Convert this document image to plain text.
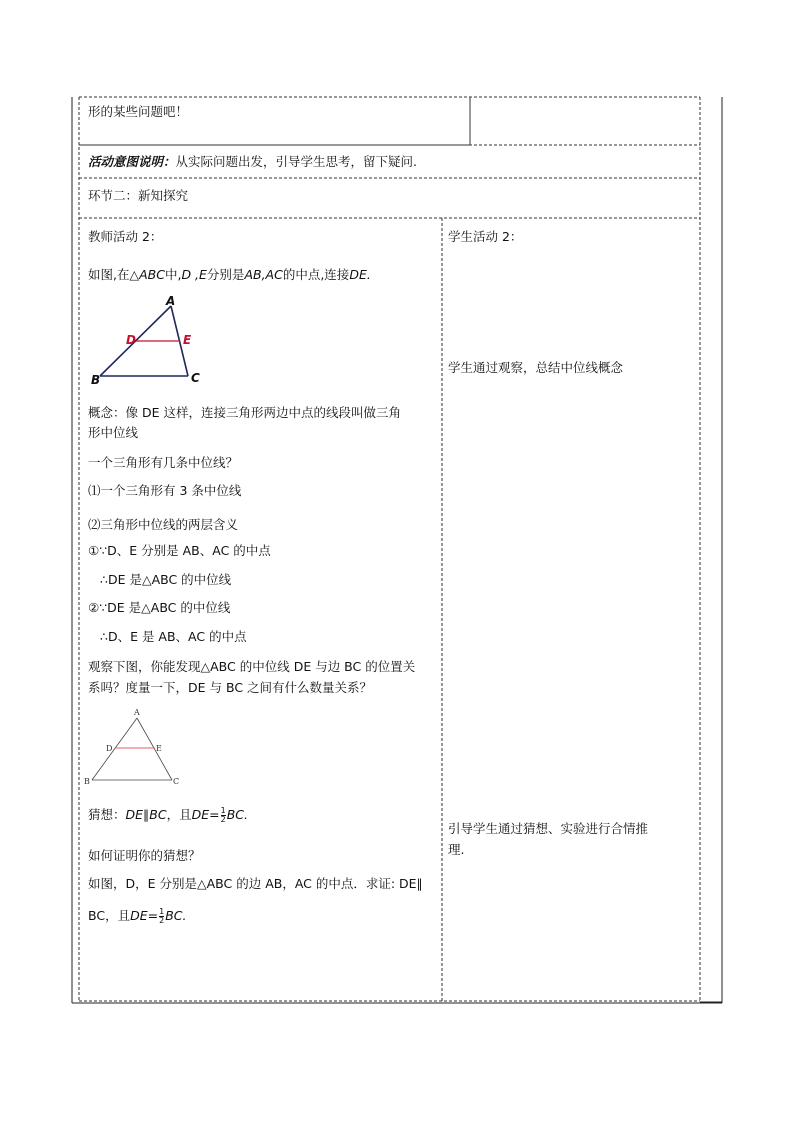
形的某些问题吧！
活动意图说明：从实际问题出发，引导学生思考，留下疑问.
环节二：新知探究
教师活动 2：
如图,在△ABC中,D ,E分别是AB,AC的中点,连接DE.
A
D	E
B	C
概念：像 DE 这样，连接三角形两边中点的线段叫做三角
形中位线
一个三角形有几条中位线？
⑴一个三角形有 3 条中位线
⑵三角形中位线的两层含义
①∵D、E 分别是 AB、AC 的中点
∴DE 是△ABC 的中位线
②∵DE 是△ABC 的中位线
∴D、E 是 AB、AC 的中点
观察下图，你能发现△ABC 的中位线 DE 与边 BC 的位置关
系吗？度量一下，DE 与 BC 之间有什么数量关系？
A
D	E
B	C
猜想：DE∥BC，且$DE= \frac{1}{2}$ BC.
如何证明你的猜想？
如图，D，E 分别是△ABC 的边 AB，AC 的中点．求证: DE∥
BC，且$DE= \frac{1}{2}$ BC.
学生活动 2：
学生通过观察，总结中位线概念
引导学生通过猜想、实验进行合情推
理.
